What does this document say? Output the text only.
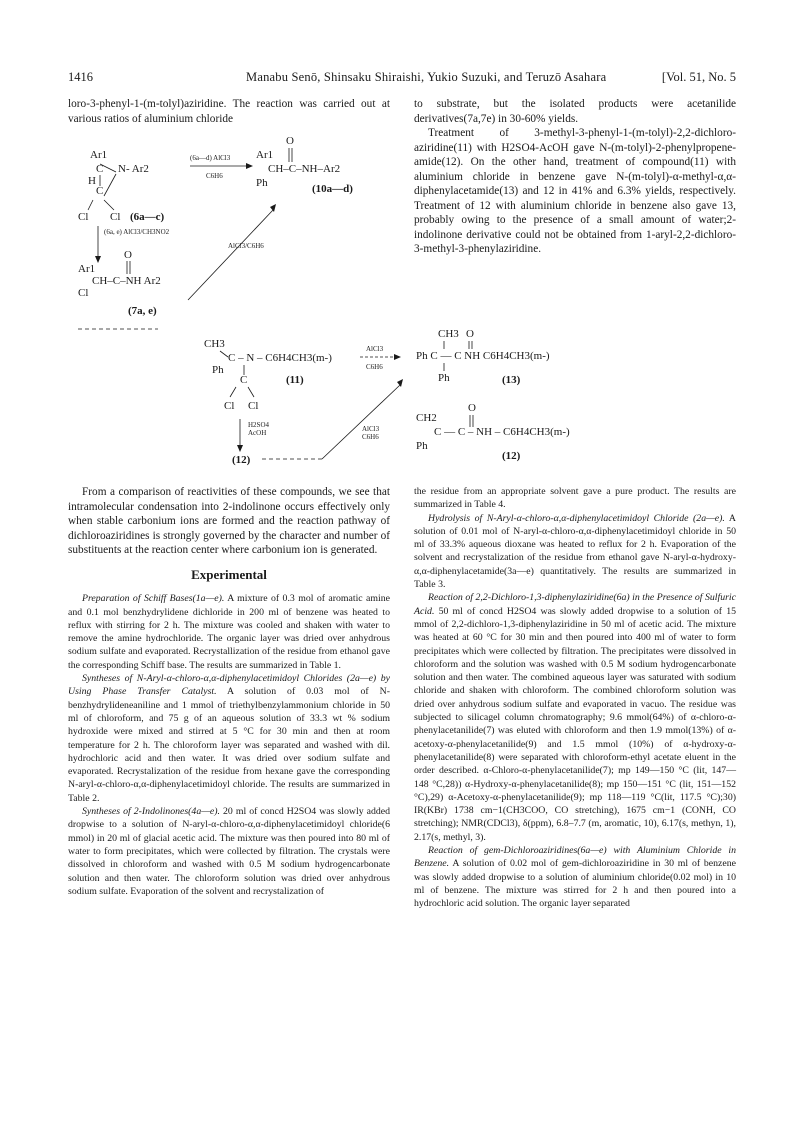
1416	Manabu Senō, Shinsaku Shiraishi, Yukio Suzuki, and Teruzō Asahara	[Vol. 51, No. 5

loro-3-phenyl-1-(m-tolyl)aziridine. The reaction was carried out at various ratios of aluminium chloride

to substrate, but the isolated products were acetanilide derivatives(7a,7e) in 30-60% yields.

Treatment of 3-methyl-3-phenyl-1-(m-tolyl)-2,2-dichloro-aziridine(11) with H2SO4-AcOH gave N-(m-tolyl)-2-phenylpropene-amide(12). On the other hand, treatment of compound(11) with aluminium chloride in benzene gave N-(m-tolyl)-α-methyl-α,α-diphenylacetamide(13) and 12 in 41% and 6.3% yields, respectively. Treatment of 12 with aluminium chloride in benzene also gave 13, probably owing to the presence of a small amount of water;2-indolinone derivative could not be obtained from 1-aryl-2,2-dichloro-3-methyl-3-phenylaziridine.

Ar1
C N- Ar2
H
C
Cl Cl (6a—c)
(6a—d) AlCl3
C6H6
O
Ar1
CH–C–NH–Ar2
Ph	(10a—d)
(6a, e) AlCl3/CH3NO2
AlCl3/C6H6
O
Ar1
CH–C–NH Ar2
Cl
(7a, e)
CH3
C – N – C6H4CH3(m-)
Ph
C	(11)
Cl Cl
AlCl3
C6H6
H2SO4
AcOH
(12)
AlCl3
C6H6
CH3 O
Ph C — C NH C6H4CH3(m-)
Ph	(13)
O
CH2
C — C – NH – C6H4CH3(m-)
Ph
(12)

From a comparison of reactivities of these compounds, we see that intramolecular condensation into 2-indolinone occurs effectively only when stable carbonium ions are formed and the reaction pathway of dichloroaziridines is strongly governed by the character and number of substituents at the reaction center where carbonium ion is generated.

Experimental

Preparation of Schiff Bases(1a—e). A mixture of 0.3 mol of aromatic amine and 0.1 mol benzhydrylidene dichloride in 200 ml of benzene was heated to reflux with stirring for 2 h. The mixture was cooled and shaken with water to remove the amine hydrochloride. The organic layer was dried over anhydrous sodium sulfate and evaporated. Recrystallization of the residue from ethanol gave the corresponding Schiff base. The results are summarized in Table 1.

Syntheses of N-Aryl-α-chloro-α,α-diphenylacetimidoyl Chlorides (2a—e) by Using Phase Transfer Catalyst. A solution of 0.03 mol of N-benzhydrylideneaniline and 1 mmol of triethylbenzylammonium chloride in 50 ml of chloroform, and 75 g of an aqueous solution of 33.3 wt % sodium hydroxide were mixed and stirred at 5 °C for 30 min and then at room temperature for 2 h. The chloroform layer was separated and washed with dil. hydrochloric acid and then water. It was dried over sodium sulfate and evaporated. Recrystalization of the residue from hexane gave the corresponding N-aryl-α-chloro-α,α-diphenylacetimidoyl chloride. The results are summarized in Table 2.

Syntheses of 2-Indolinones(4a—e). 20 ml of concd H2SO4 was slowly added dropwise to a solution of N-aryl-α-chloro-α,α-diphenylacetimidoyl chloride(6 mmol) in 20 ml of glacial acetic acid. The mixture was then poured into 80 ml of water to form precipitates, which were collected by filtration. The crystals were dissolved in chloroform and washed with 0.5 M sodium hydrogencarbonate solution and then water. The chloroform solution was dried over anhydrous sodium sulfate. Evaporation of the solvent and recrystalization of

the residue from an appropriate solvent gave a pure product. The results are summarized in Table 4.

Hydrolysis of N-Aryl-α-chloro-α,α-diphenylacetimidoyl Chloride (2a—e). A solution of 0.01 mol of N-aryl-α-chloro-α,α-diphenylacetimidoyl chloride in 50 ml of 33.3% aqueous dioxane was heated to reflux for 2 h. Evaporation of the solvent and recrystalization of the residue from ethanol gave N-aryl-α-hydroxy-α,α-diphenylacetamide(3a—e) quantitatively. The results are summarized in Table 3.

Reaction of 2,2-Dichloro-1,3-diphenylaziridine(6a) in the Presence of Sulfuric Acid. 50 ml of concd H2SO4 was slowly added dropwise to a solution of 15 mmol of 2,2-dichloro-1,3-diphenylaziridine in 50 ml of acetic acid. The mixture was heated at 60 °C for 30 min and then poured into 400 ml of water to form precipitates which were collected by filtration. The precipitates were dissolved in chloroform and the solution was washed with 0.5 M sodium hydrogencarbonate solution and then water. The combined aqueous layer was saturated with sodium chloride and shaken with chloroform. The combined chloroform solution was dried over anhydrous sodium sulfate and evaporated in vacuo. The residue was subjected to silicagel column chromatography; 9.6 mmol(64%) of α-chloro-α-phenylacetanilide(7) was eluted with chloroform and then 1.9 mmol(13%) of α-acetoxy-α-phenylacetanilide(9) and 1.5 mmol (10%) of α-hydroxy-α-phenylacetanilide(8) were separated with chloroform-ethyl acetate eluent in the order described. α-Chloro-α-phenylacetanilide(7); mp 149—150 °C (lit, 147—148 °C,28)) α-Hydroxy-α-phenylacetanilide(8); mp 150—151 °C (lit, 151—152 °C),29) α-Acetoxy-α-phenylacetanilide(9); mp 118—119 °C(lit, 117.5 °C);30) IR(KBr) 1738 cm−1(CH3COO, CO stretching), 1675 cm−1 (CONH, CO stretching); NMR(CDCl3), δ(ppm), 6.8–7.7 (m, aromatic, 10), 6.17(s, methyn, 1), 2.17(s, methyl, 3).

Reaction of gem-Dichloroaziridines(6a—e) with Aluminium Chloride in Benzene. A solution of 0.02 mol of gem-dichloroaziridine in 30 ml of benzene was slowly added dropwise to a solution of aluminium chloride(0.02 mol) in 10 ml of benzene. The mixture was stirred for 2 h and then poured into a hydrochloric acid solution. The organic layer separated
